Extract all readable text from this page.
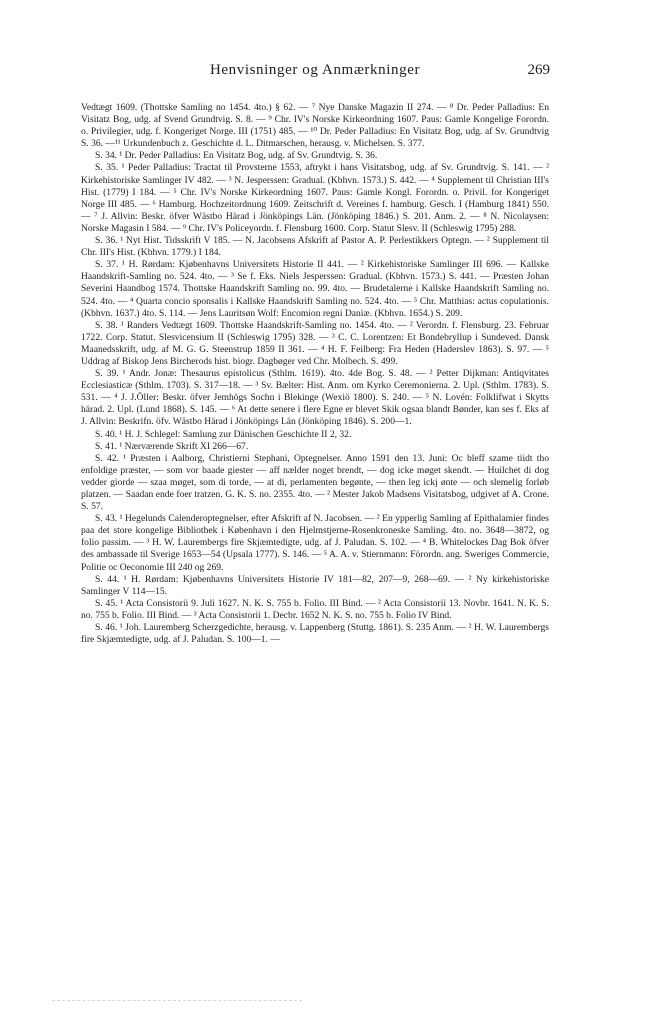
Henvisninger og Anmærkninger	269

Vedtægt 1609. (Thottske Samling no 1454. 4to.) § 62. — ⁷ Nye Danske Magazin II 274. — ⁸ Dr. Peder Palladius: En Visitatz Bog, udg. af Svend Grundtvig. S. 8. — ⁹ Chr. IV's Norske Kirkeordning 1607. Paus: Gamle Kongelige Forordn. o. Privilegier, udg. f. Kongeriget Norge. III (1751) 485. — ¹⁰ Dr. Peder Palladius: En Visitatz Bog, udg. af Sv. Grundtvig S. 36. —¹¹ Urkundenbuch z. Geschichte d. L. Ditmarschen, herausg. v. Michelsen. S. 377.

S. 34. ¹ Dr. Peder Palladius: En Visitatz Bog, udg. af Sv. Grundtvig. S. 36.

S. 35. ¹ Peder Palladius: Tractat til Provsterne 1553, aftrykt i hans Visitatsbog, udg. af Sv. Grundtvig. S. 141. — ² Kirkehistoriske Samlinger IV 482. — ³ N. Jesperssen: Gradual. (Kbhvn. 1573.) S. 442. — ⁴ Supplement til Christian III's Hist. (1779) I 184. — ⁵ Chr. IV's Norske Kirkeordning 1607. Paus: Gamle Kongl. Forordn. o. Privil. for Kongeriget Norge III 485. — ⁶ Hamburg. Hochzeitordnung 1609. Zeitschrift d. Vereines f. hamburg. Gesch. I (Hamburg 1841) 550. — ⁷ J. Allvin: Beskr. öfver Wästbo Härad i Jönköpings Län. (Jönköping 1846.) S. 201. Anm. 2. — ⁸ N. Nicolaysen: Norske Magasin I 584. — ⁹ Chr. IV's Policeyordn. f. Flensburg 1600. Corp. Statut Slesv. II (Schleswig 1795) 288.

S. 36. ¹ Nyt Hist. Tidsskrift V 185. — N. Jacobsens Afskrift af Pastor A. P. Perlestikkers Optegn. — ² Supplement til Chr. III's Hist. (Kbhvn. 1779.) I 184.

S. 37. ¹ H. Rørdam: Kjøbenhavns Universitets Historie II 441. — ² Kirkehistoriske Samlinger III 696. — Kallske Haandskrift-Samling no. 524. 4to. — ³ Se f. Eks. Niels Jesperssen: Gradual. (Kbhvn. 1573.) S. 441. — Præsten Johan Severini Haandbog 1574. Thottske Haandskrift Samling no. 99. 4to. — Brudetalerne i Kallske Haandskrift Samling no. 524. 4to. — ⁴ Quarta concio sponsalis i Kallske Haandskrift Samling no. 524. 4to. — ⁵ Chr. Matthias: actus copulationis. (Kbhvn. 1637.) 4to. S. 114. — Jens Lauritsøn Wolf: Encomion regni Daniæ. (Kbhvn. 1654.) S. 209.

S. 38. ¹ Randers Vedtægt 1609. Thottske Haandskrift-Samling no. 1454. 4to. — ² Verordn. f. Flensburg. 23. Februar 1722. Corp. Statut. Slesvicensium II (Schleswig 1795) 328. — ³ C. C. Lorentzen: Et Bondebryllup i Sundeved. Dansk Maanedsskrift, udg. af M. G. G. Steenstrup 1859 II 361. — ⁴ H. F. Feilberg: Fra Heden (Haderslev 1863). S. 97. — ⁵ Uddrag af Biskop Jens Bircherods hist. biogr. Dagbøger ved Chr. Molbech. S. 499.

S. 39. ¹ Andr. Jonæ: Thesaurus epistolicus (Sthlm. 1619). 4to. 4de Bog. S. 48. — ² Petter Dijkman: Antiqvitates Ecclesiasticæ (Sthlm. 1703). S. 317—18. — ³ Sv. Bælter: Hist. Anm. om Kyrko Ceremonierna. 2. Upl. (Sthlm. 1783). S. 531. — ⁴ J. J.Öller: Beskr. öfver Jemhögs Sochn i Blekinge (Wexiö 1800). S. 240. — ⁵ N. Lovén: Folklifwat i Skytts härad. 2. Upl. (Lund 1868). S. 145. — ⁶ At dette senere i flere Egne er blevet Skik ogsaa blandt Bønder, kan ses f. Eks af J. Allvin: Beskrifn. öfv. Wästbo Härad i Jönköpings Län (Jönköping 1846). S. 200—1.

S. 40. ¹ H. J. Schlegel: Samlung zur Dänischen Geschichte II 2, 32.

S. 41. ¹ Nærværende Skrift XI 266—67.

S. 42. ¹ Præsten i Aalborg, Christierni Stephani, Optegnelser. Anno 1591 den 13. Juni: Oc bleff szame tiidt tho enfoldige præster, — som vor baade giester — aff nælder noget brendt, — dog icke møget skendt. — Huilchet di dog vedder giorde — szaa møget, som di torde, — at di, perlamenten begønte, — then leg ickj ønte — och slemelig forløb platzen. — Saadan ende foer tratzen. G. K. S. no. 2355. 4to. — ² Mester Jakob Madsens Visitatsbog, udgivet af A. Crone. S. 57.

S. 43. ¹ Hegelunds Calenderoptegnelser, efter Afskrift af N. Jacobsen. — ² En ypperlig Samling af Epithalamier findes paa det store kongelige Bibliothek i København i den Hjelmstjerne-Rosenkroneske Samling. 4to. no. 3648—3872, og folio passim. — ³ H. W. Laurembergs fire Skjæmtedigte, udg. af J. Paludan. S. 102. — ⁴ B. Whitelockes Dag Bok öfver des ambassade til Sverige 1653—54 (Upsala 1777). S. 146. — ⁵ A. A. v. Stiernmann: Förordn. ang. Sweriges Commercie, Politie oc Oeconomie III 240 og 269.

S. 44. ¹ H. Rørdam: Kjøbenhavns Universitets Historie IV 181—82, 207—9, 268—69. — ² Ny kirkehistoriske Samlinger V 114—15.

S. 45. ¹ Acta Consistorii 9. Juli 1627. N. K. S. 755 b. Folio. III Bind. — ² Acta Consistorii 13. Novbr. 1641. N. K. S. no. 755 b. Folio. III Bind. — ³ Acta Consistorii 1. Decbr. 1652 N. K. S. no. 755 b. Folio IV Bind.

S. 46. ¹ Joh. Lauremberg Scherzgedichte, herausg. v. Lappenberg (Stuttg. 1861). S. 235 Anm. — ² H. W. Laurembergs fire Skjæmtedigte, udg. af J. Paludan. S. 100—1. —
